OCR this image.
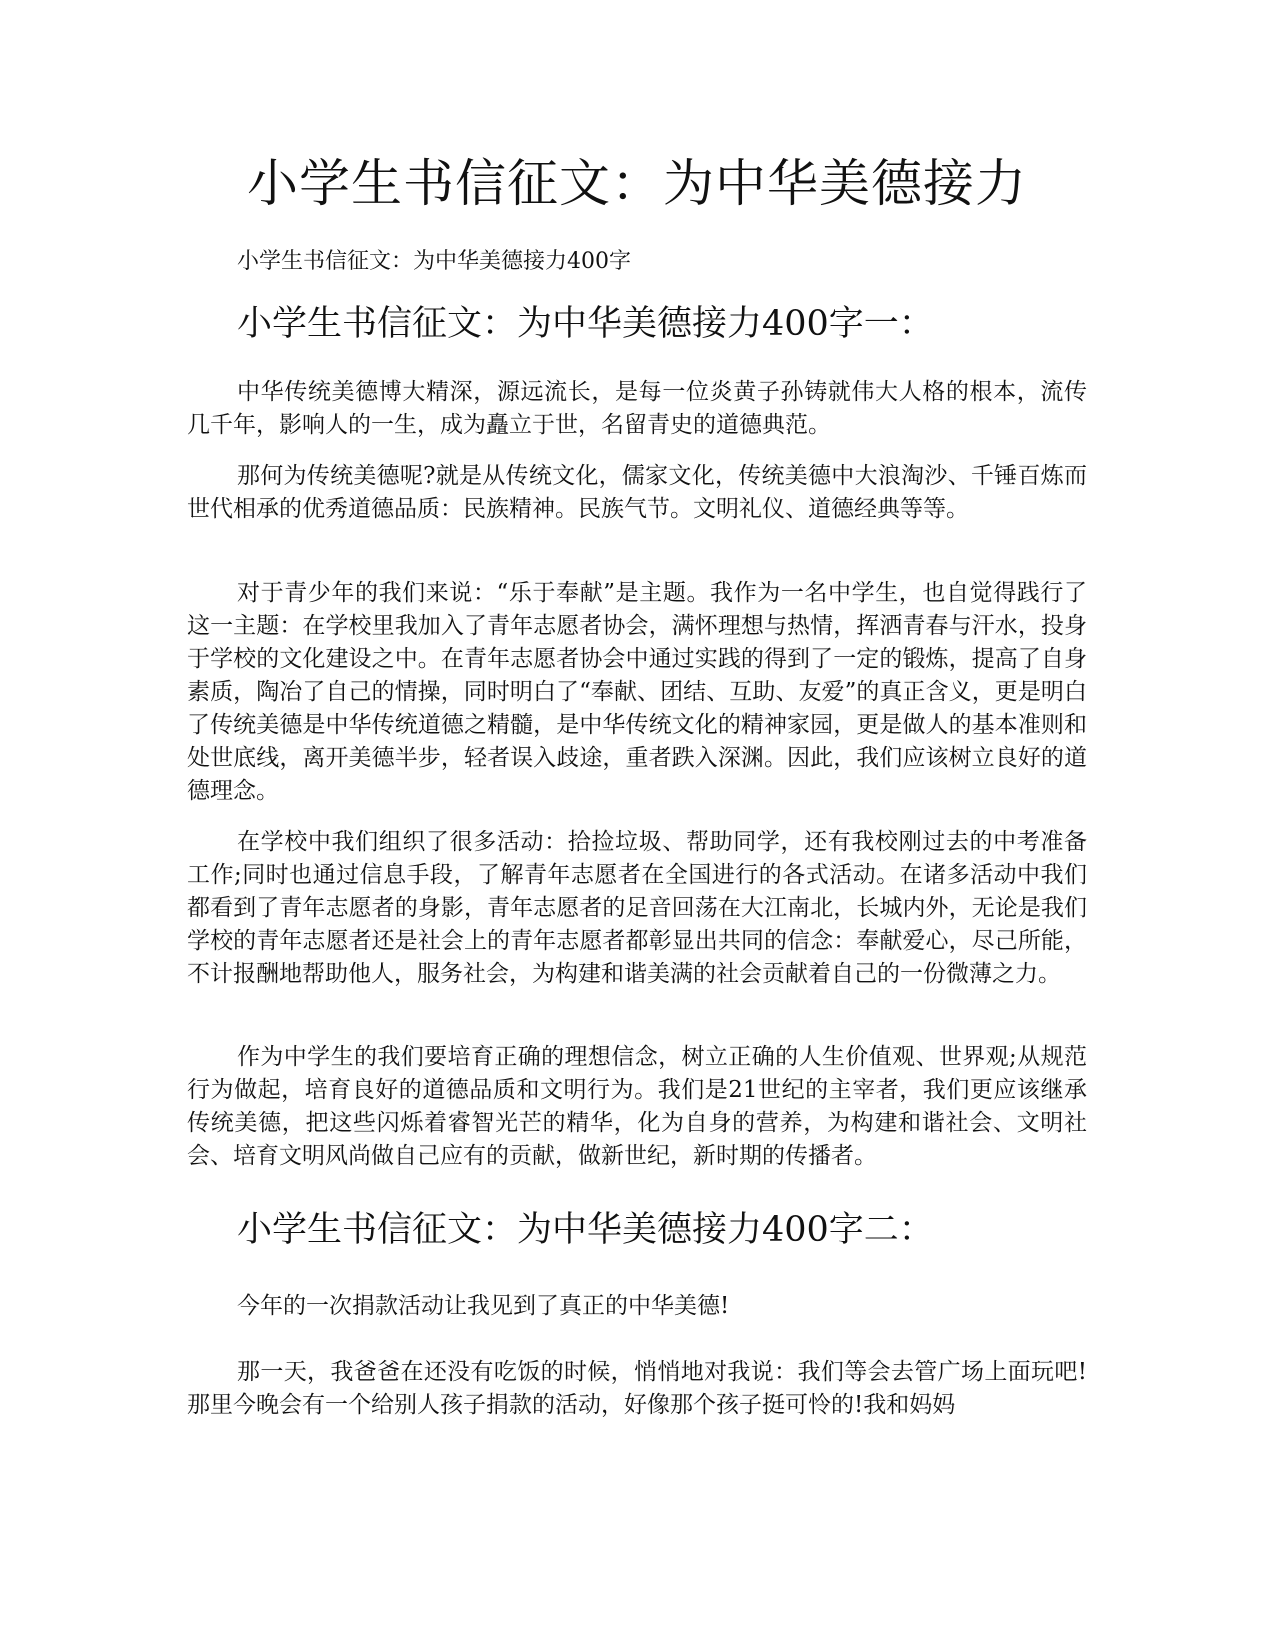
小学生书信征文：为中华美德接力

小学生书信征文：为中华美德接力400字

小学生书信征文：为中华美德接力400字一：

中华传统美德博大精深，源远流长，是每一位炎黄子孙铸就伟大人格的根本，流传几千年，影响人的一生，成为矗立于世，名留青史的道德典范。

那何为传统美德呢?就是从传统文化，儒家文化，传统美德中大浪淘沙、千锤百炼而世代相承的优秀道德品质：民族精神。民族气节。文明礼仪、道德经典等等。

对于青少年的我们来说：“乐于奉献”是主题。我作为一名中学生，也自觉得践行了这一主题：在学校里我加入了青年志愿者协会，满怀理想与热情，挥洒青春与汗水，投身于学校的文化建设之中。在青年志愿者协会中通过实践的得到了一定的锻炼，提高了自身素质，陶冶了自己的情操，同时明白了“奉献、团结、互助、友爱”的真正含义，更是明白了传统美德是中华传统道德之精髓，是中华传统文化的精神家园，更是做人的基本准则和处世底线，离开美德半步，轻者误入歧途，重者跌入深渊。因此，我们应该树立良好的道德理念。

在学校中我们组织了很多活动：拾捡垃圾、帮助同学，还有我校刚过去的中考准备工作;同时也通过信息手段，了解青年志愿者在全国进行的各式活动。在诸多活动中我们都看到了青年志愿者的身影，青年志愿者的足音回荡在大江南北，长城内外，无论是我们学校的青年志愿者还是社会上的青年志愿者都彰显出共同的信念：奉献爱心，尽己所能，不计报酬地帮助他人，服务社会，为构建和谐美满的社会贡献着自己的一份微薄之力。

作为中学生的我们要培育正确的理想信念，树立正确的人生价值观、世界观;从规范行为做起，培育良好的道德品质和文明行为。我们是21世纪的主宰者，我们更应该继承传统美德，把这些闪烁着睿智光芒的精华，化为自身的营养，为构建和谐社会、文明社会、培育文明风尚做自己应有的贡献，做新世纪，新时期的传播者。

小学生书信征文：为中华美德接力400字二：

今年的一次捐款活动让我见到了真正的中华美德!

那一天，我爸爸在还没有吃饭的时候，悄悄地对我说：我们等会去管广场上面玩吧!那里今晚会有一个给别人孩子捐款的活动，好像那个孩子挺可怜的!我和妈妈
